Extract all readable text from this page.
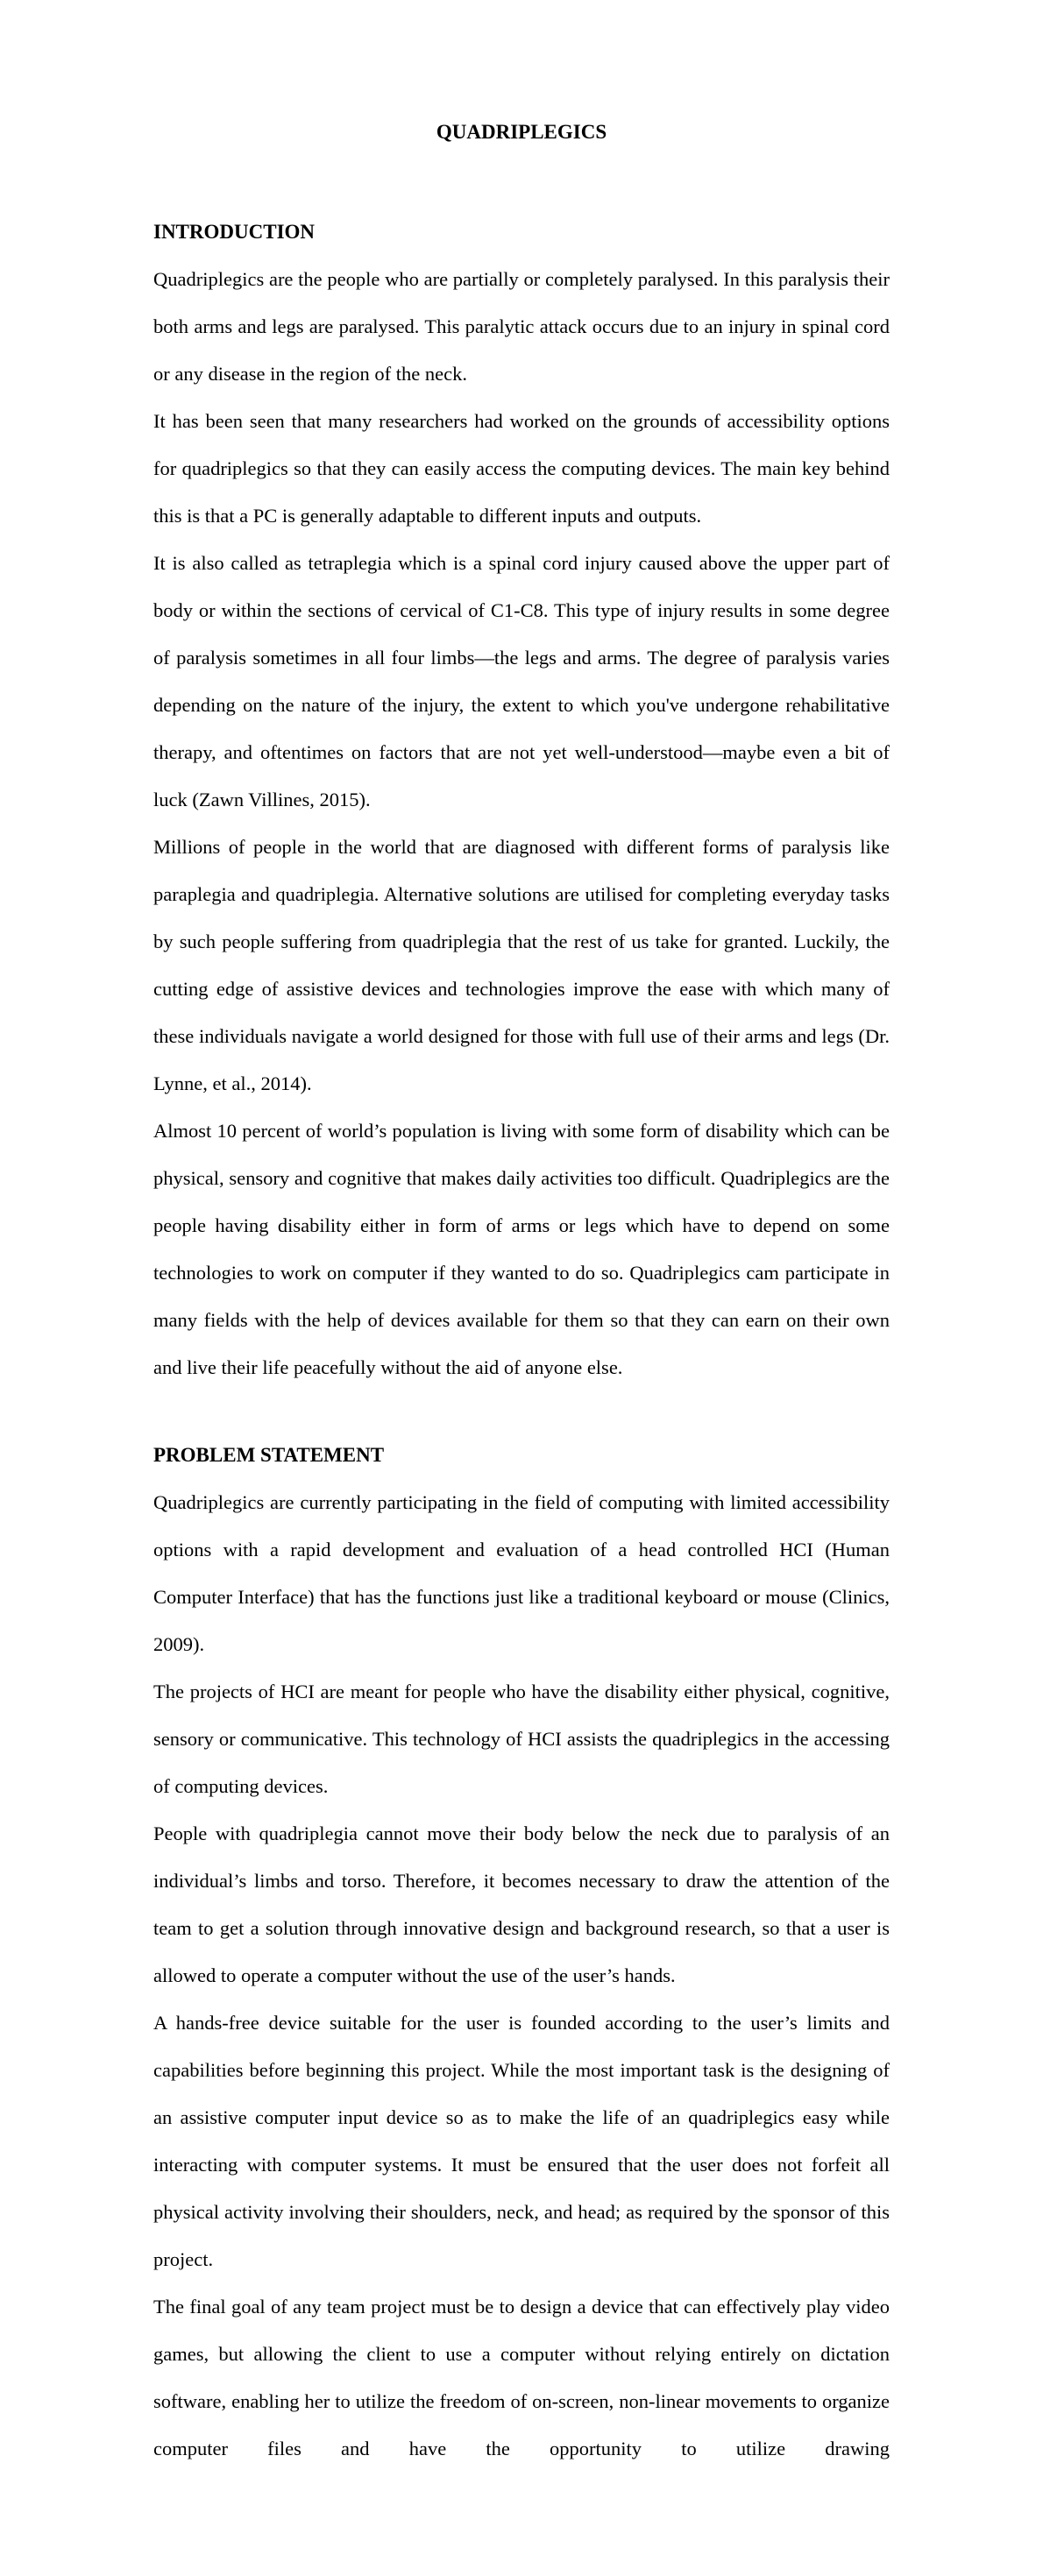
QUADRIPLEGICS
INTRODUCTION

Quadriplegics are the people who are partially or completely paralysed. In this paralysis their both arms and legs are paralysed. This paralytic attack occurs due to an injury in spinal cord or any disease in the region of the neck.

It has been seen that many researchers had worked on the grounds of accessibility options for quadriplegics so that they can easily access the computing devices. The main key behind this is that a PC is generally adaptable to different inputs and outputs.

It is also called as tetraplegia which is a spinal cord injury caused above the upper part of body or within the sections of cervical of C1-C8. This type of injury results in some degree of paralysis sometimes in all four limbs—the legs and arms. The degree of paralysis varies depending on the nature of the injury, the extent to which you've undergone rehabilitative therapy, and oftentimes on factors that are not yet well-understood—maybe even a bit of luck (Zawn Villines, 2015).

Millions of people in the world that are diagnosed with different forms of paralysis like paraplegia and quadriplegia. Alternative solutions are utilised for completing everyday tasks by such people suffering from quadriplegia that the rest of us take for granted. Luckily, the cutting edge of assistive devices and technologies improve the ease with which many of these individuals navigate a world designed for those with full use of their arms and legs (Dr. Lynne, et al., 2014).

Almost 10 percent of world’s population is living with some form of disability which can be physical, sensory and cognitive that makes daily activities too difficult. Quadriplegics are the people having disability either in form of arms or legs which have to depend on some technologies to work on computer if they wanted to do so. Quadriplegics cam participate in many fields with the help of devices available for them so that they can earn on their own and live their life peacefully without the aid of anyone else.

PROBLEM STATEMENT

Quadriplegics are currently participating in the field of computing with limited accessibility options with a rapid development and evaluation of a head controlled HCI (Human Computer Interface) that has the functions just like a traditional keyboard or mouse (Clinics, 2009).

The projects of HCI are meant for people who have the disability either physical, cognitive, sensory or communicative. This technology of HCI assists the quadriplegics in the accessing of computing devices.

People with quadriplegia cannot move their body below the neck due to paralysis of an individual’s limbs and torso. Therefore, it becomes necessary to draw the attention of the team to get a solution through innovative design and background research, so that a user is allowed to operate a computer without the use of the user’s hands.

A hands-free device suitable for the user is founded according to the user’s limits and capabilities before beginning this project. While the most important task is the designing of an assistive computer input device so as to make the life of an quadriplegics easy while interacting with computer systems. It must be ensured that the user does not forfeit all physical activity involving their shoulders, neck, and head; as required by the sponsor of this project.

The final goal of any team project must be to design a device that can effectively play video games, but allowing the client to use a computer without relying entirely on dictation software, enabling her to utilize the freedom of on-screen, non-linear movements to organize computer files and have the opportunity to utilize drawing
